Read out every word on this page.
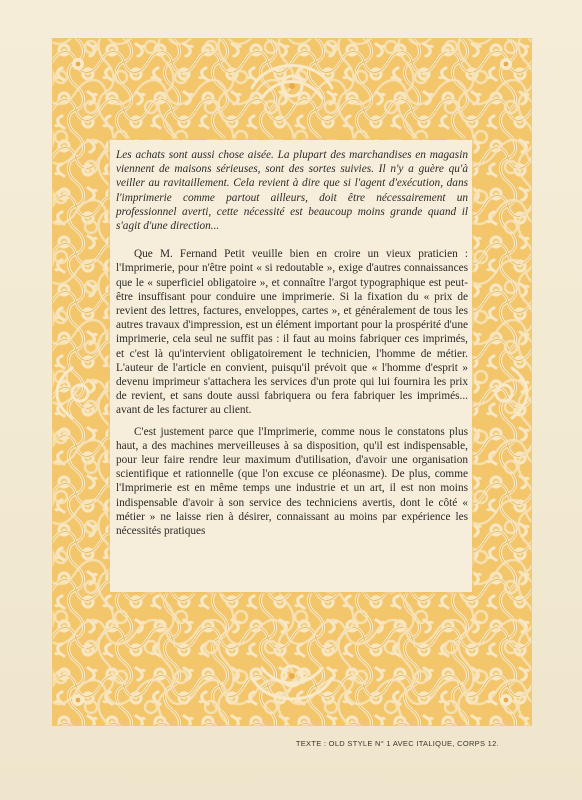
Les achats sont aussi chose aisée. La plupart des marchandises en magasin viennent de maisons sérieuses, sont des sortes suivies. Il n'y a guère qu'à veiller au ravitaillement. Cela revient à dire que si l'agent d'exécution, dans l'imprimerie comme partout ailleurs, doit être nécessairement un professionnel averti, cette nécessité est beaucoup moins grande quand il s'agit d'une direction...

Que M. Fernand Petit veuille bien en croire un vieux praticien : l'Imprimerie, pour n'être point « si redoutable », exige d'autres connaissances que le « superficiel obligatoire », et connaître l'argot typographique est peut-être insuffisant pour conduire une imprimerie. Si la fixation du « prix de revient des lettres, factures, enveloppes, cartes », et généralement de tous les autres travaux d'impression, est un élément important pour la prospérité d'une imprimerie, cela seul ne suffit pas : il faut au moins fabriquer ces imprimés, et c'est là qu'intervient obligatoirement le technicien, l'homme de métier. L'auteur de l'article en convient, puisqu'il prévoit que « l'homme d'esprit » devenu imprimeur s'attachera les services d'un prote qui lui fournira les prix de revient, et sans doute aussi fabriquera ou fera fabriquer les imprimés... avant de les facturer au client.

C'est justement parce que l'Imprimerie, comme nous le constatons plus haut, a des machines merveilleuses à sa disposition, qu'il est indispensable, pour leur faire rendre leur maximum d'utilisation, d'avoir une organisation scientifique et rationnelle (que l'on excuse ce pléonasme). De plus, comme l'Imprimerie est en même temps une industrie et un art, il est non moins indispensable d'avoir à son service des techniciens avertis, dont le côté « métier » ne laisse rien à désirer, connaissant au moins par expérience les nécessités pratiques

TEXTE : OLD STYLE N° 1 AVEC ITALIQUE, CORPS 12.
